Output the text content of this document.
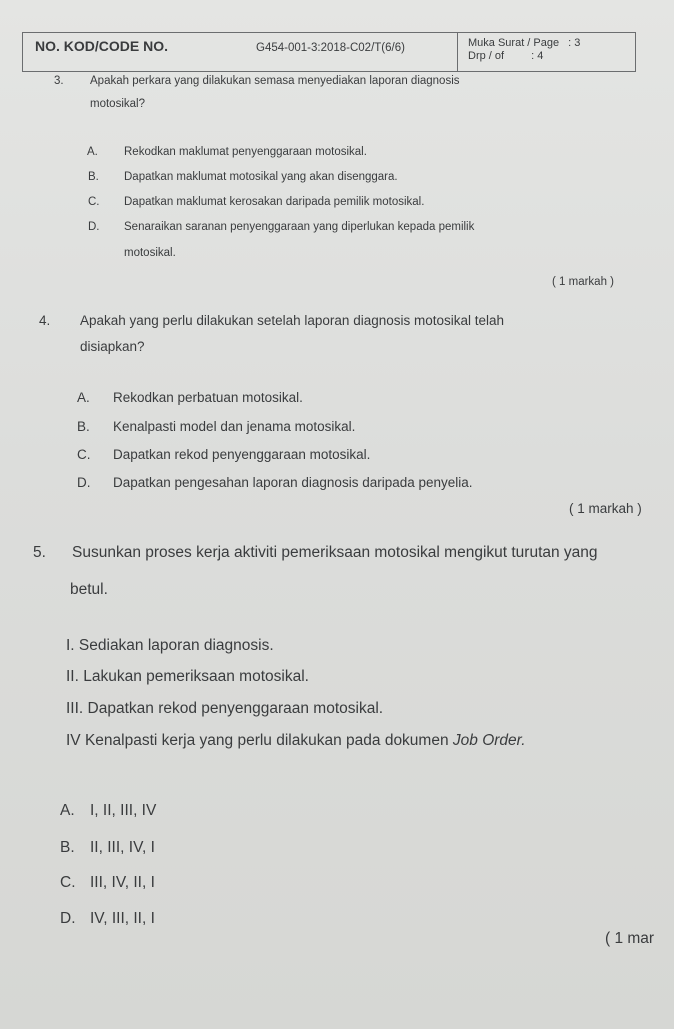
NO. KOD/CODE NO.	G454-001-3:2018-C02/T(6/6)	Muka Surat / Page : 3
Drp / of : 4
3. Apakah perkara yang dilakukan semasa menyediakan laporan diagnosis
motosikal?
A. Rekodkan maklumat penyenggaraan motosikal.
B. Dapatkan maklumat motosikal yang akan disenggara.
C. Dapatkan maklumat kerosakan daripada pemilik motosikal.
D. Senaraikan saranan penyenggaraan yang diperlukan kepada pemilik
motosikal.
( 1 markah )
4. Apakah yang perlu dilakukan setelah laporan diagnosis motosikal telah
disiapkan?
A. Rekodkan perbatuan motosikal.
B. Kenalpasti model dan jenama motosikal.
C. Dapatkan rekod penyenggaraan motosikal.
D. Dapatkan pengesahan laporan diagnosis daripada penyelia.
( 1 markah )
5. Susunkan proses kerja aktiviti pemeriksaan motosikal mengikut turutan yang
betul.
I. Sediakan laporan diagnosis.
II. Lakukan pemeriksaan motosikal.
III. Dapatkan rekod penyenggaraan motosikal.
IV Kenalpasti kerja yang perlu dilakukan pada dokumen Job Order.
A. I, II, III, IV
B. II, III, IV, I
C. III, IV, II, I
D. IV, III, II, I
( 1 mar
